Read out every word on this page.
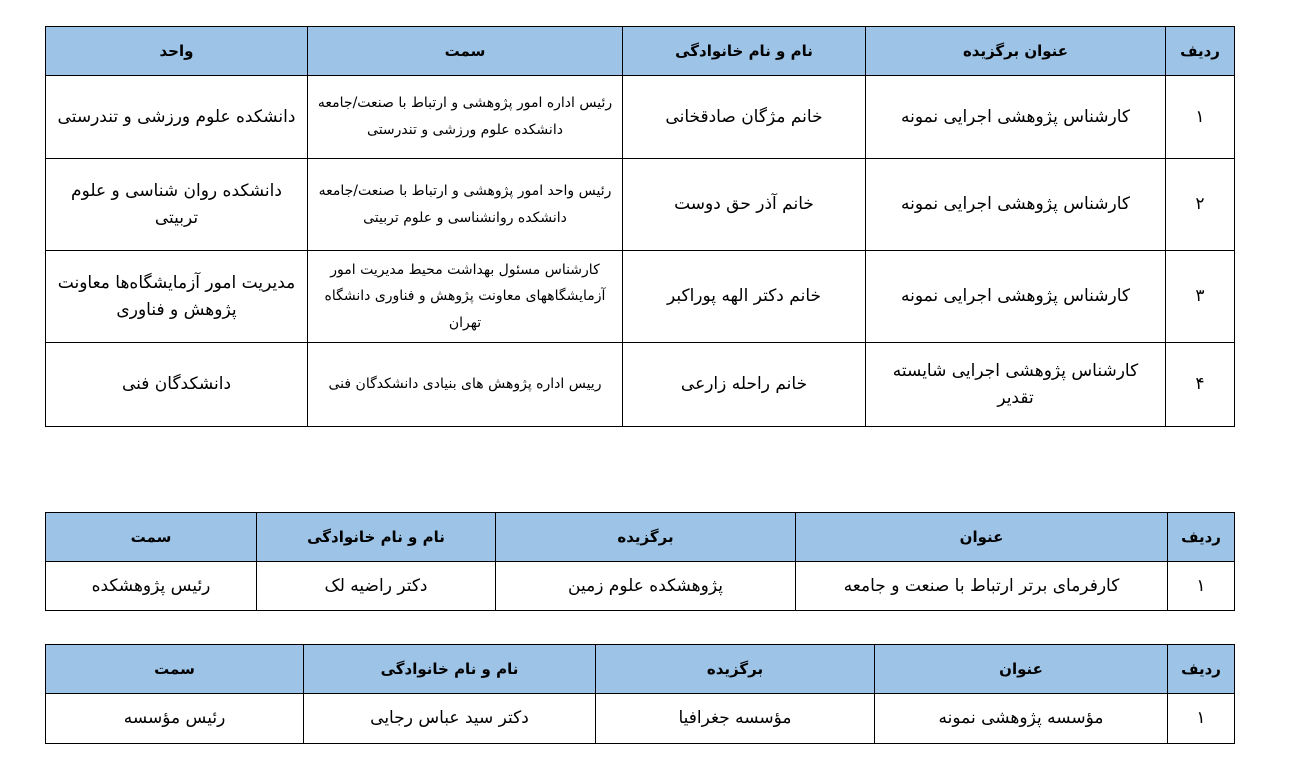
ردیف	عنوان برگزیده	نام و نام خانوادگی	سمت	واحد
۱	کارشناس پژوهشی اجرایی نمونه	خانم مژگان صادقخانی	رئیس اداره امور پژوهشی و ارتباط با صنعت/جامعه دانشکده علوم ورزشی و تندرستی	دانشکده علوم ورزشی و تندرستی
۲	کارشناس پژوهشی اجرایی نمونه	خانم آذر حق دوست	رئیس واحد امور پژوهشی و ارتباط با صنعت/جامعه دانشکده روانشناسی و علوم تربیتی	دانشکده روان شناسی و علوم تربیتی
۳	کارشناس پژوهشی اجرایی نمونه	خانم دکتر الهه پوراکبر	کارشناس مسئول بهداشت محیط مدیریت امور آزمایشگاههای معاونت پژوهش و فناوری دانشگاه تهران	مدیریت امور آزمایشگاه‌ها معاونت پژوهش و فناوری
۴	کارشناس پژوهشی اجرایی شایسته تقدیر	خانم راحله زارعی	رییس اداره پژوهش های بنیادی دانشکدگان فنی	دانشکدگان فنی
ردیف	عنوان	برگزیده	نام و نام خانوادگی	سمت
۱	کارفرمای برتر ارتباط با صنعت و جامعه	پژوهشکده علوم زمین	دکتر راضیه لک	رئیس پژوهشکده
ردیف	عنوان	برگزیده	نام و نام خانوادگی	سمت
۱	مؤسسه پژوهشی نمونه	مؤسسه جغرافیا	دکتر سید عباس رجایی	رئیس مؤسسه
